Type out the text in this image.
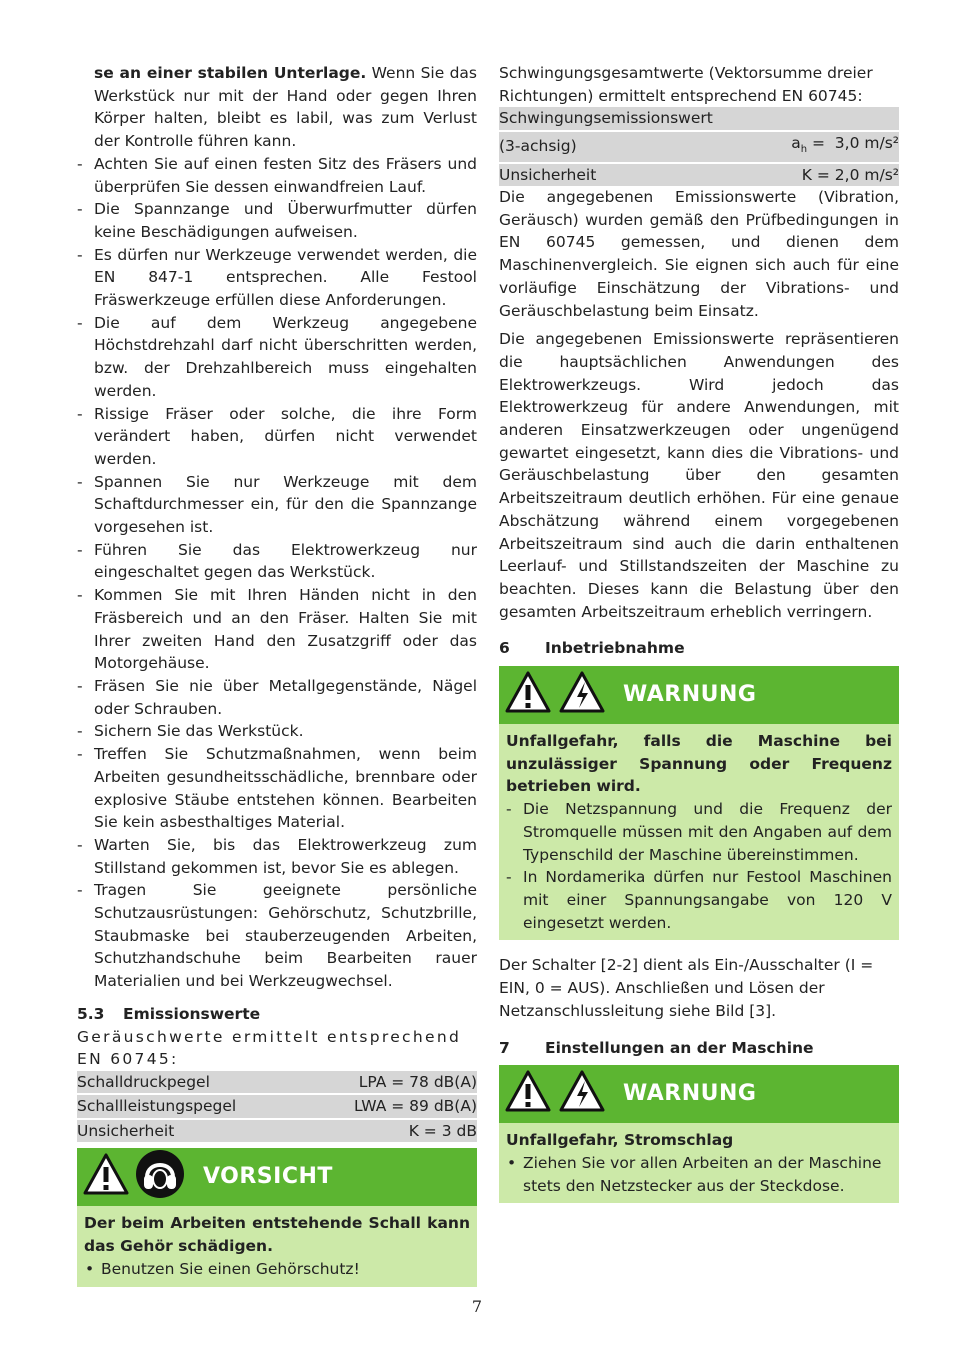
se an einer stabilen Unterlage. Wenn Sie das Werkstück nur mit der Hand oder gegen Ihren Körper halten, bleibt es labil, was zum Verlust der Kontrolle führen kann.

- Achten Sie auf einen festen Sitz des Fräsers und überprüfen Sie dessen einwandfreien Lauf.

- Die Spannzange und Überwurfmutter dürfen keine Beschädigungen aufweisen.

- Es dürfen nur Werkzeuge verwendet werden, die EN 847-1 entsprechen. Alle Festool Fräswerkzeuge erfüllen diese Anforderungen.

- Die auf dem Werkzeug angegebene Höchstdrehzahl darf nicht überschritten werden, bzw. der Drehzahlbereich muss eingehalten werden.

- Rissige Fräser oder solche, die ihre Form verändert haben, dürfen nicht verwendet werden.

- Spannen Sie nur Werkzeuge mit dem Schaftdurchmesser ein, für den die Spannzange vorgesehen ist.

- Führen Sie das Elektrowerkzeug nur eingeschaltet gegen das Werkstück.

- Kommen Sie mit Ihren Händen nicht in den Fräsbereich und an den Fräser. Halten Sie mit Ihrer zweiten Hand den Zusatzgriff oder das Motorgehäuse.

- Fräsen Sie nie über Metallgegenstände, Nägel oder Schrauben.

- Sichern Sie das Werkstück.

- Treffen Sie Schutzmaßnahmen, wenn beim Arbeiten gesundheitsschädliche, brennbare oder explosive Stäube entstehen können. Bearbeiten Sie kein asbesthaltiges Material.

- Warten Sie, bis das Elektrowerkzeug zum Stillstand gekommen ist, bevor Sie es ablegen.

- Tragen Sie geeignete persönliche Schutzausrüstungen: Gehörschutz, Schutzbrille, Staubmaske bei stauberzeugenden Arbeiten, Schutzhandschuhe beim Bearbeiten rauer Materialien und bei Werkzeugwechsel.

5.3	Emissionswerte

Geräuschwerte ermittelt entsprechend EN 60745:

Schalldruckpegel	LPA = 78 dB(A)
Schallleistungspegel	LWA = 89 dB(A)
Unsicherheit	K = 3 dB
VORSICHT

Der beim Arbeiten entstehende Schall kann das Gehör schädigen.

• Benutzen Sie einen Gehörschutz!

Schwingungsgesamtwerte (Vektorsumme dreier Richtungen) ermittelt entsprechend EN 60745:

Schwingungsemissionswert	
(3-achsig)	$a_h = 3,0$ m/s²
Unsicherheit	K = 2,0 m/s²

Die angegebenen Emissionswerte (Vibration, Geräusch) wurden gemäß den Prüfbedingungen in EN 60745 gemessen, und dienen dem Maschinenvergleich. Sie eignen sich auch für eine vorläufige Einschätzung der Vibrations- und Geräuschbelastung beim Einsatz.

Die angegebenen Emissionswerte repräsentieren die hauptsächlichen Anwendungen des Elektrowerkzeugs. Wird jedoch das Elektrowerkzeug für andere Anwendungen, mit anderen Einsatzwerkzeugen oder ungenügend gewartet eingesetzt, kann dies die Vibrations- und Geräuschbelastung über den gesamten Arbeitszeitraum deutlich erhöhen. Für eine genaue Abschätzung während einem vorgegebenen Arbeitszeitraum sind auch die darin enthaltenen Leerlauf- und Stillstandszeiten der Maschine zu beachten. Dieses kann die Belastung über den gesamten Arbeitszeitraum erheblich verringern.

6	Inbetriebnahme
WARNUNG

Unfallgefahr, falls die Maschine bei unzulässiger Spannung oder Frequenz betrieben wird.

- Die Netzspannung und die Frequenz der Stromquelle müssen mit den Angaben auf dem Typenschild der Maschine übereinstimmen.

- In Nordamerika dürfen nur Festool Maschinen mit einer Spannungsangabe von 120 V eingesetzt werden.

Der Schalter [2-2] dient als Ein-/Ausschalter (I = EIN, 0 = AUS). Anschließen und Lösen der Netzanschlussleitung siehe Bild [3].

7	Einstellungen an der Maschine
WARNUNG

Unfallgefahr, Stromschlag

• Ziehen Sie vor allen Arbeiten an der Maschine stets den Netzstecker aus der Steckdose.

7
